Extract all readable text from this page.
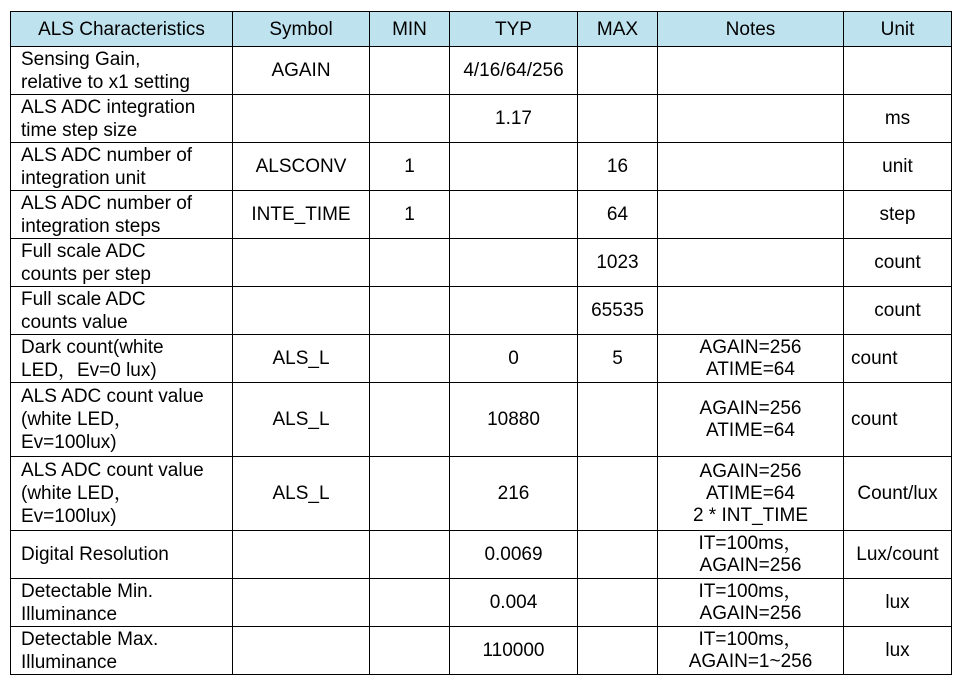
ALS Characteristics	Symbol	MIN	TYP	MAX	Notes	Unit
Sensing Gain,
relative to x1 setting	AGAIN		4/16/64/256			
ALS ADC integration
time step size			1.17			ms
ALS ADC number of
integration unit	ALSCONV	1		16		unit
ALS ADC number of
integration steps	INTE_TIME	1		64		step
Full scale ADC
counts per step				1023		count
Full scale ADC
counts value				65535		count
Dark count(white
LED，Ev=0 lux)	ALS_L		0	5	AGAIN=256
ATIME=64	count
ALS ADC count value
(white LED，
Ev=100lux)	ALS_L		10880		AGAIN=256
ATIME=64	count
ALS ADC count value
(white LED，
Ev=100lux)	ALS_L		216		AGAIN=256
ATIME=64
2 * INT_TIME	Count/lux
Digital Resolution			0.0069		IT=100ms，
AGAIN=256	Lux/count
Detectable Min.
Illuminance			0.004		IT=100ms，
AGAIN=256	lux
Detectable Max.
Illuminance			110000		IT=100ms，
AGAIN=1~256	lux
